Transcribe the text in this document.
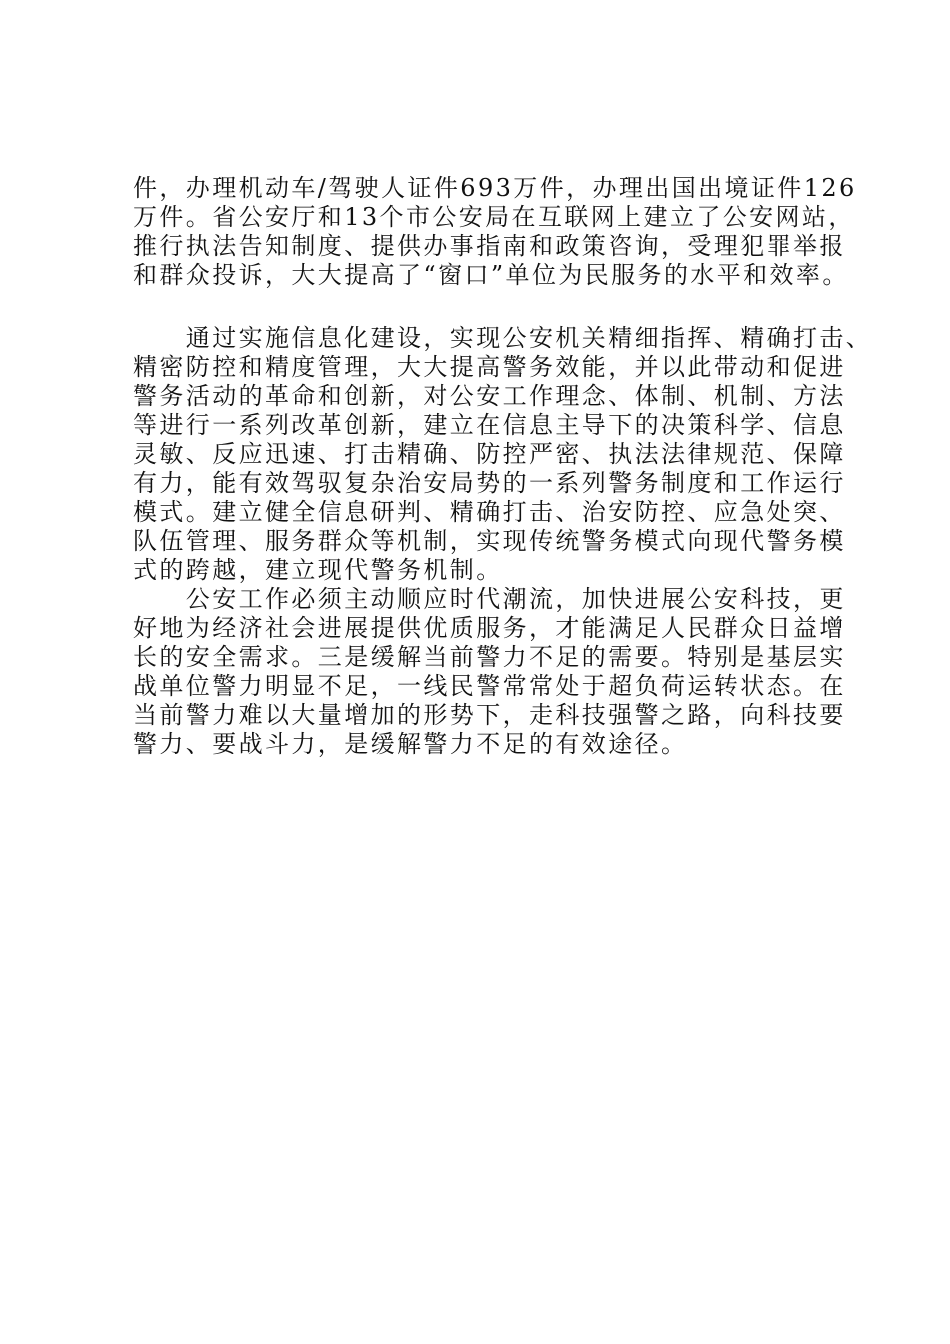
件，办理机动车/驾驶人证件693万件，办理出国出境证件126
万件。省公安厅和13个市公安局在互联网上建立了公安网站，
推行执法告知制度、提供办事指南和政策咨询，受理犯罪举报
和群众投诉，大大提高了“窗口”单位为民服务的水平和效率。
　　通过实施信息化建设，实现公安机关精细指挥、精确打击、
精密防控和精度管理，大大提高警务效能，并以此带动和促进
警务活动的革命和创新，对公安工作理念、体制、机制、方法
等进行一系列改革创新，建立在信息主导下的决策科学、信息
灵敏、反应迅速、打击精确、防控严密、执法法律规范、保障
有力，能有效驾驭复杂治安局势的一系列警务制度和工作运行
模式。建立健全信息研判、精确打击、治安防控、应急处突、
队伍管理、服务群众等机制，实现传统警务模式向现代警务模
式的跨越，建立现代警务机制。
　　公安工作必须主动顺应时代潮流，加快进展公安科技，更
好地为经济社会进展提供优质服务，才能满足人民群众日益增
长的安全需求。三是缓解当前警力不足的需要。特别是基层实
战单位警力明显不足，一线民警常常处于超负荷运转状态。在
当前警力难以大量增加的形势下，走科技强警之路，向科技要
警力、要战斗力，是缓解警力不足的有效途径。
